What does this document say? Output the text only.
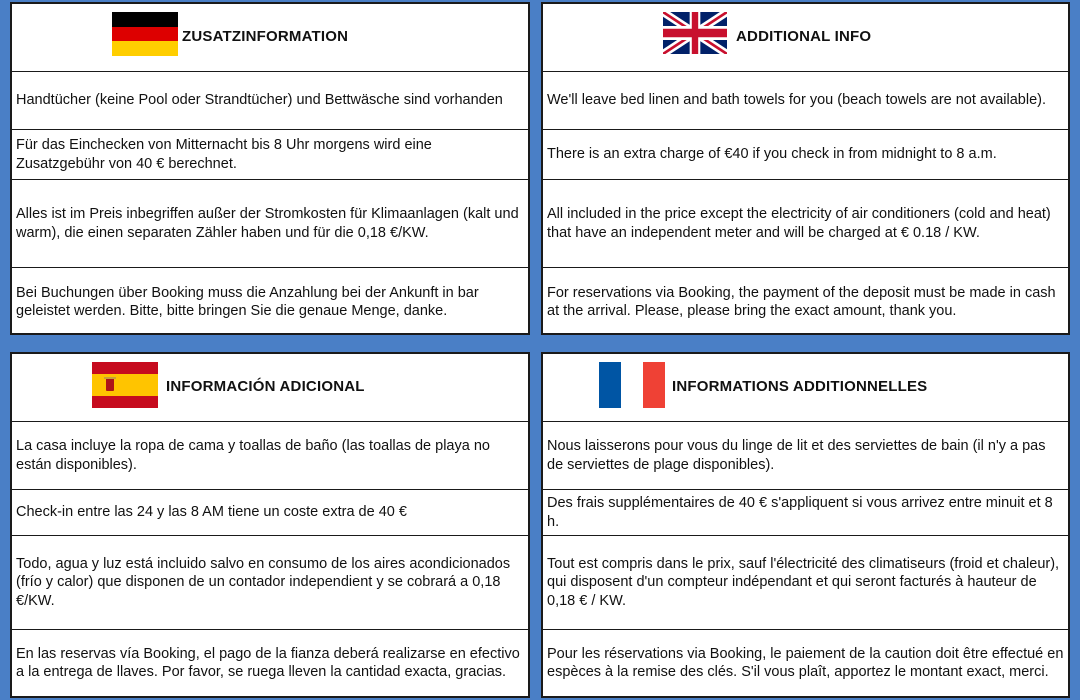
ZUSATZINFORMATION
Handtücher (keine Pool oder Strandtücher) und Bettwäsche sind vorhanden
Für das Einchecken von Mitternacht bis 8 Uhr morgens wird eine Zusatzgebühr von 40 € berechnet.
Alles ist im Preis inbegriffen außer der Stromkosten für Klimaanlagen (kalt und warm), die einen separaten Zähler haben und für die 0,18 €/KW.
Bei Buchungen über Booking muss die Anzahlung bei der Ankunft in bar geleistet werden. Bitte, bitte bringen Sie die genaue Menge, danke.
ADDITIONAL INFO
We'll leave bed linen and bath towels for you (beach towels are not available).
There is an extra charge of €40 if you check in from midnight to 8 a.m.
All included in the price except the electricity of air conditioners (cold and heat) that have an independent meter and will be charged at € 0.18 / KW.
For reservations via Booking, the payment of the deposit must be made in cash at the arrival. Please, please bring the exact amount, thank you.
INFORMACIÓN ADICIONAL
La casa incluye la ropa de cama y toallas de baño (las toallas de playa no están disponibles).
Check-in entre las 24 y las 8 AM tiene un coste extra de 40 €
Todo, agua y luz está incluido salvo en consumo de los aires acondicionados (frío y calor) que disponen de un contador independient y se cobrará a 0,18 €/KW.
En las reservas vía Booking, el pago de la fianza deberá realizarse en efectivo a la entrega de llaves. Por favor, se ruega lleven la cantidad exacta, gracias.
INFORMATIONS ADDITIONNELLES
Nous laisserons pour vous du linge de lit et des serviettes de bain (il n'y a pas de serviettes de plage disponibles).
Des frais supplémentaires de 40 € s'appliquent si vous arrivez entre minuit et 8 h.
Tout est compris dans le prix, sauf l'électricité des climatiseurs (froid et chaleur), qui disposent d'un compteur indépendant et qui seront facturés à hauteur de 0,18 € / KW.
Pour les réservations via Booking, le paiement de la caution doit être effectué en espèces à la remise des clés. S'il vous plaît, apportez le montant exact, merci.
